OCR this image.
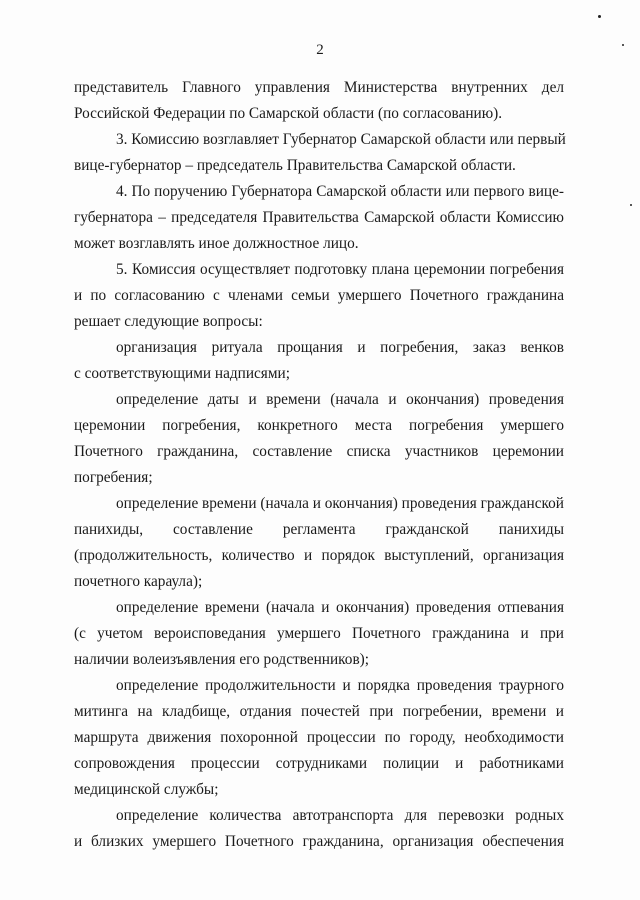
2
представитель Главного управления Министерства внутренних дел
Российской Федерации по Самарской области (по согласованию).
3. Комиссию возглавляет Губернатор Самарской области или первый
вице-губернатор – председатель Правительства Самарской области.
4. По поручению Губернатора Самарской области или первого вице-
губернатора – председателя Правительства Самарской области Комиссию
может возглавлять иное должностное лицо.
5. Комиссия осуществляет подготовку плана церемонии погребения
и по согласованию с членами семьи умершего Почетного гражданина
решает следующие вопросы:
организация ритуала прощания и погребения, заказ венков
с соответствующими надписями;
определение даты и времени (начала и окончания) проведения
церемонии погребения, конкретного места погребения умершего
Почетного гражданина, составление списка участников церемонии
погребения;
определение времени (начала и окончания) проведения гражданской
панихиды, составление регламента гражданской панихиды
(продолжительность, количество и порядок выступлений, организация
почетного караула);
определение времени (начала и окончания) проведения отпевания
(с учетом вероисповедания умершего Почетного гражданина и при
наличии волеизъявления его родственников);
определение продолжительности и порядка проведения траурного
митинга на кладбище, отдания почестей при погребении, времени и
маршрута движения похоронной процессии по городу, необходимости
сопровождения процессии сотрудниками полиции и работниками
медицинской службы;
определение количества автотранспорта для перевозки родных
и близких умершего Почетного гражданина, организация обеспечения
